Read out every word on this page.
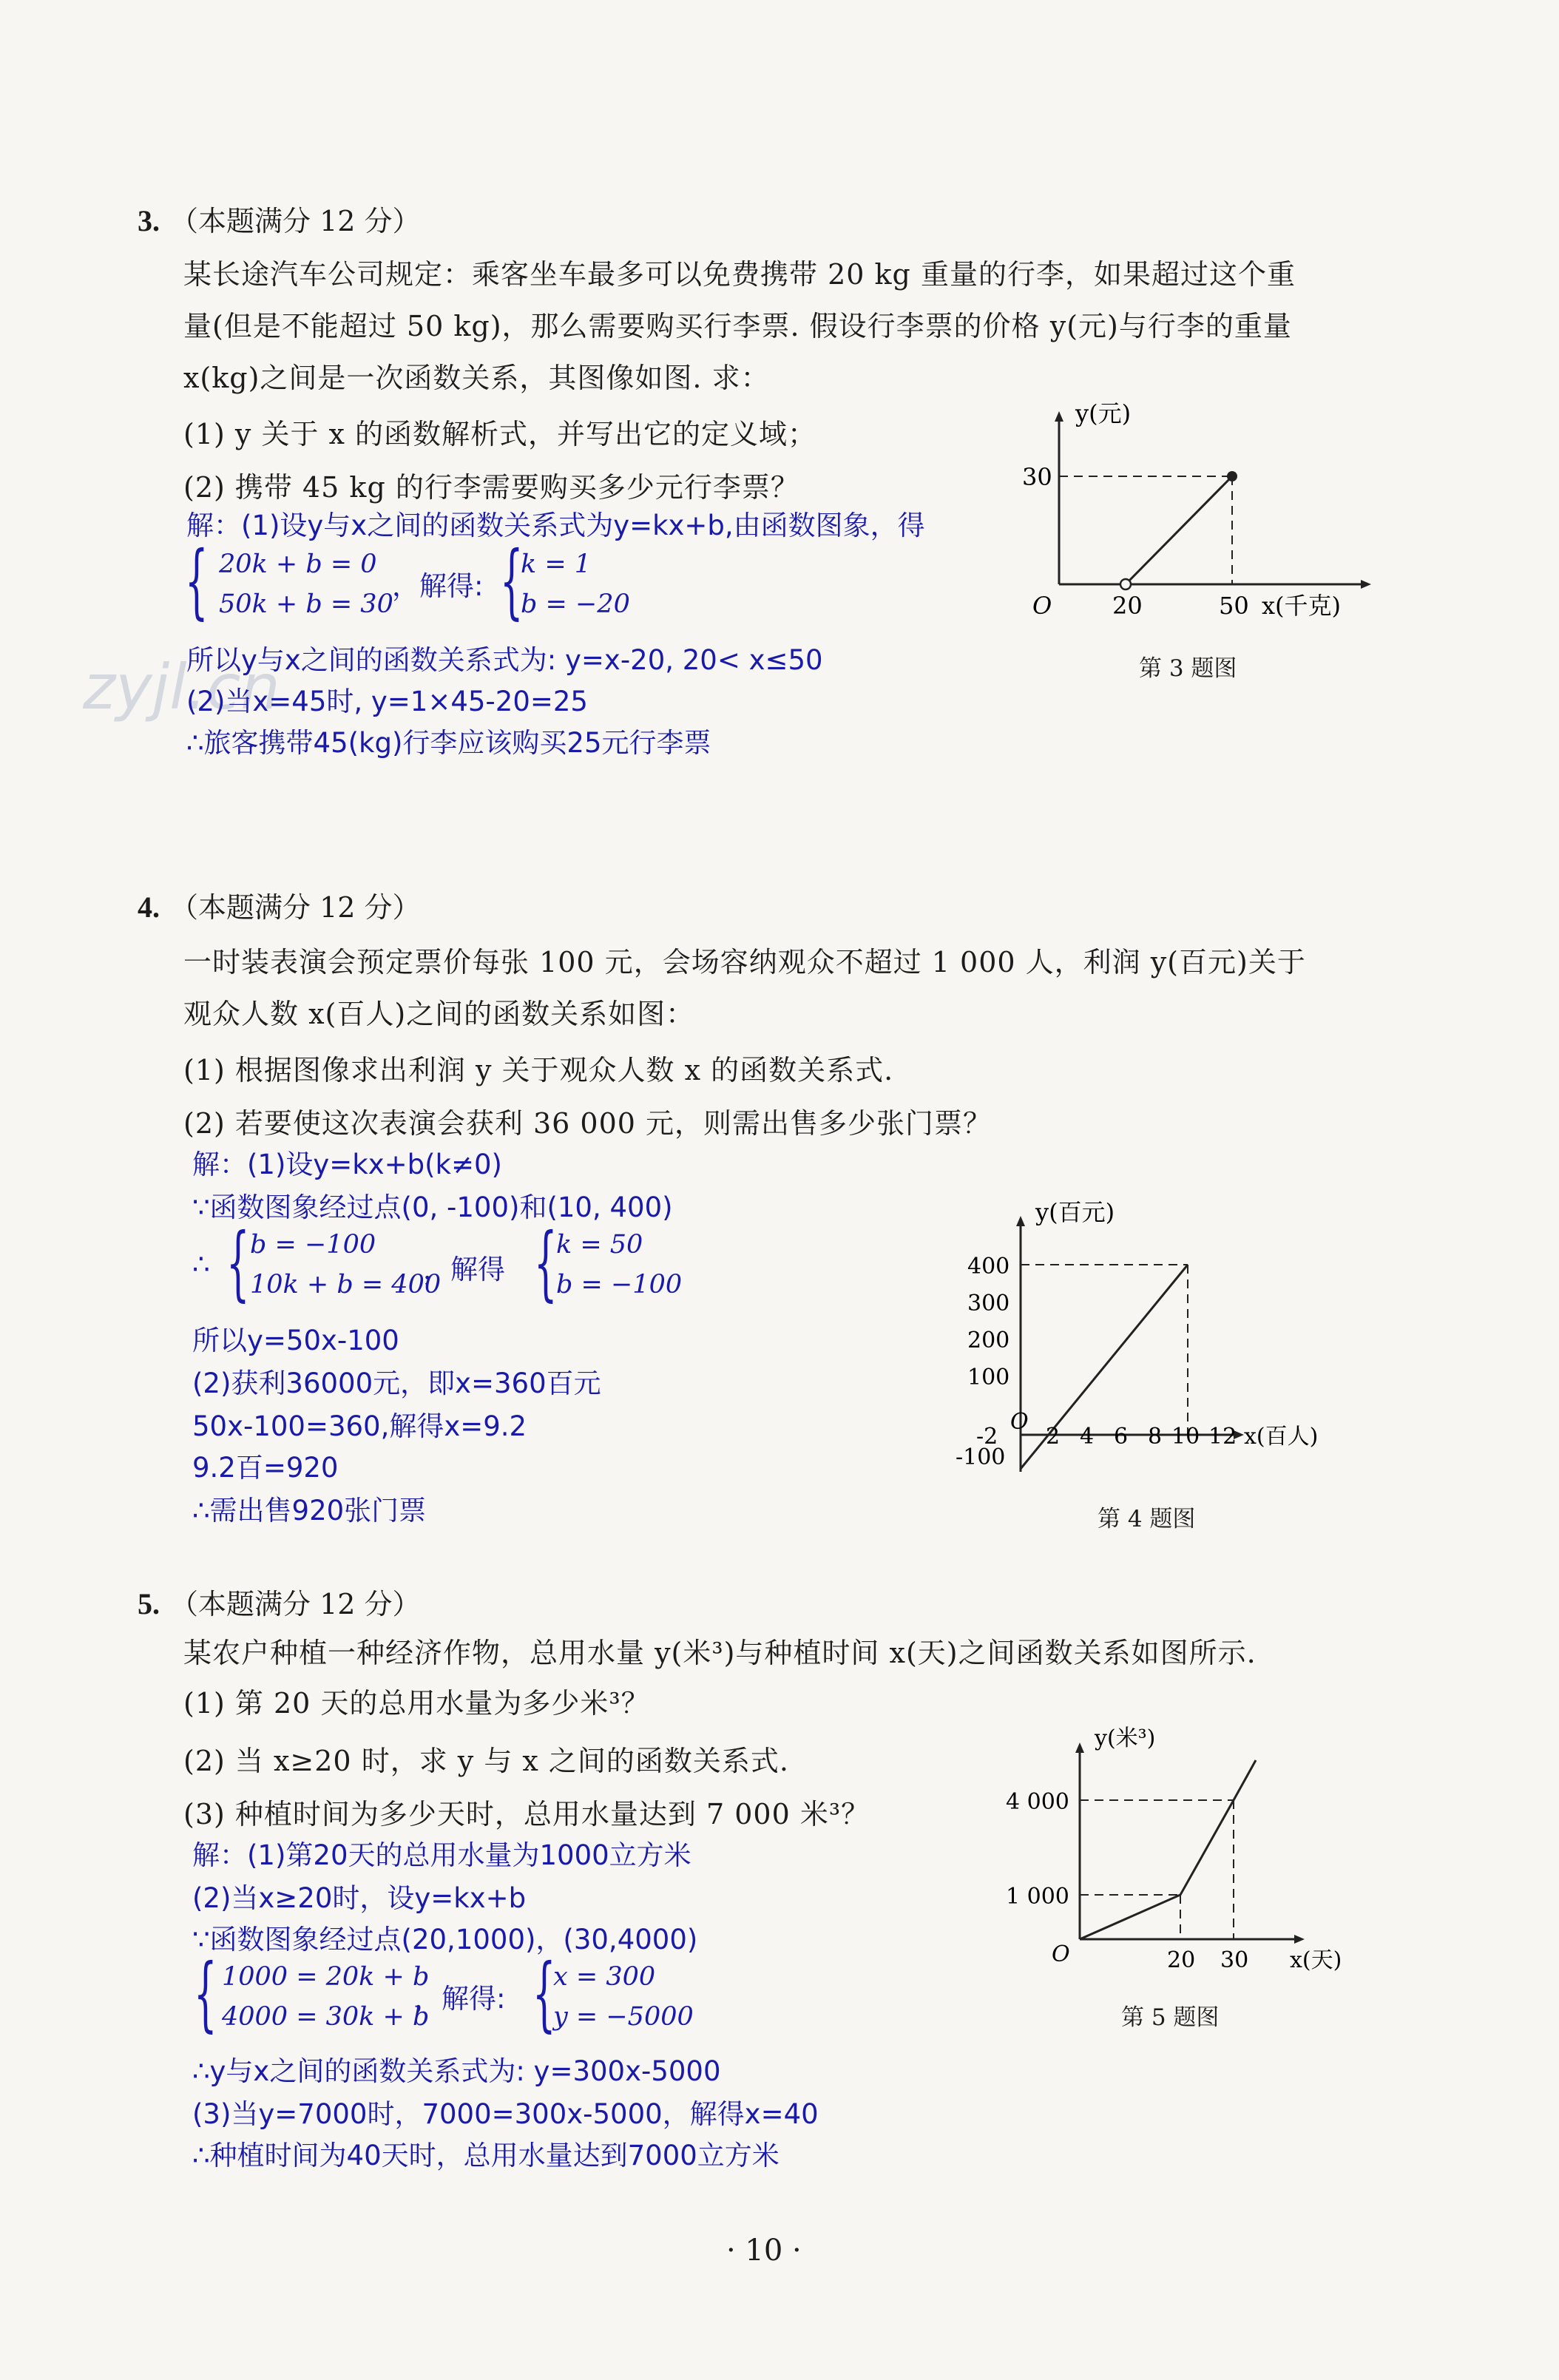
zyjl.cn
3. （本题满分 12 分）
某长途汽车公司规定：乘客坐车最多可以免费携带 20 kg 重量的行李，如果超过这个重
量(但是不能超过 50 kg)，那么需要购买行李票. 假设行李票的价格 y(元)与行李的重量
x(kg)之间是一次函数关系，其图像如图. 求：
(1) y 关于 x 的函数解析式，并写出它的定义域；
(2) 携带 45 kg 的行李需要购买多少元行李票？
解：(1)设y与x之间的函数关系式为y=kx+b,由函数图象，得
{ 20k + b = 0
50k + b = 30
，解得: {
k = 1
b = −20
所以y与x之间的函数关系式为: y=x-20, 20< x≤50
(2)当x=45时, y=1×45-20=25
∴旅客携带45(kg)行李应该购买25元行李票
y(元)
30
O	20	50 x(千克)
第 3 题图
4. （本题满分 12 分）
一时装表演会预定票价每张 100 元，会场容纳观众不超过 1 000 人，利润 y(百元)关于
观众人数 x(百人)之间的函数关系如图：
(1) 根据图像求出利润 y 关于观众人数 x 的函数关系式.
(2) 若要使这次表演会获利 36 000 元，则需出售多少张门票？
解：(1)设y=kx+b(k≠0)
∵函数图象经过点(0, -100)和(10, 400)
∴ { b = −100
10k + b = 400
，解得 {
k = 50
b = −100
所以y=50x-100
(2)获利36000元，即x=360百元
50x-100=360,解得x=9.2
9.2百=920
∴需出售920张门票
y(百元)
400
300
200
100
-100
O
-2 2 4 6 8 10 12 x(百人)
第 4 题图
5. （本题满分 12 分）
某农户种植一种经济作物，总用水量 y(米³)与种植时间 x(天)之间函数关系如图所示.
(1) 第 20 天的总用水量为多少米³？
(2) 当 x≥20 时，求 y 与 x 之间的函数关系式.
(3) 种植时间为多少天时，总用水量达到 7 000 米³？
解：(1)第20天的总用水量为1000立方米
(2)当x≥20时，设y=kx+b
∵函数图象经过点(20,1000)，(30,4000)
{ 1000 = 20k + b
4000 = 30k + b
，解得: {
x = 300
y = −5000
∴y与x之间的函数关系式为: y=300x-5000
(3)当y=7000时，7000=300x-5000，解得x=40
∴种植时间为40天时，总用水量达到7000立方米
y(米³)
4 000
1 000
O	20 30 x(天)
第 5 题图
· 10 ·
